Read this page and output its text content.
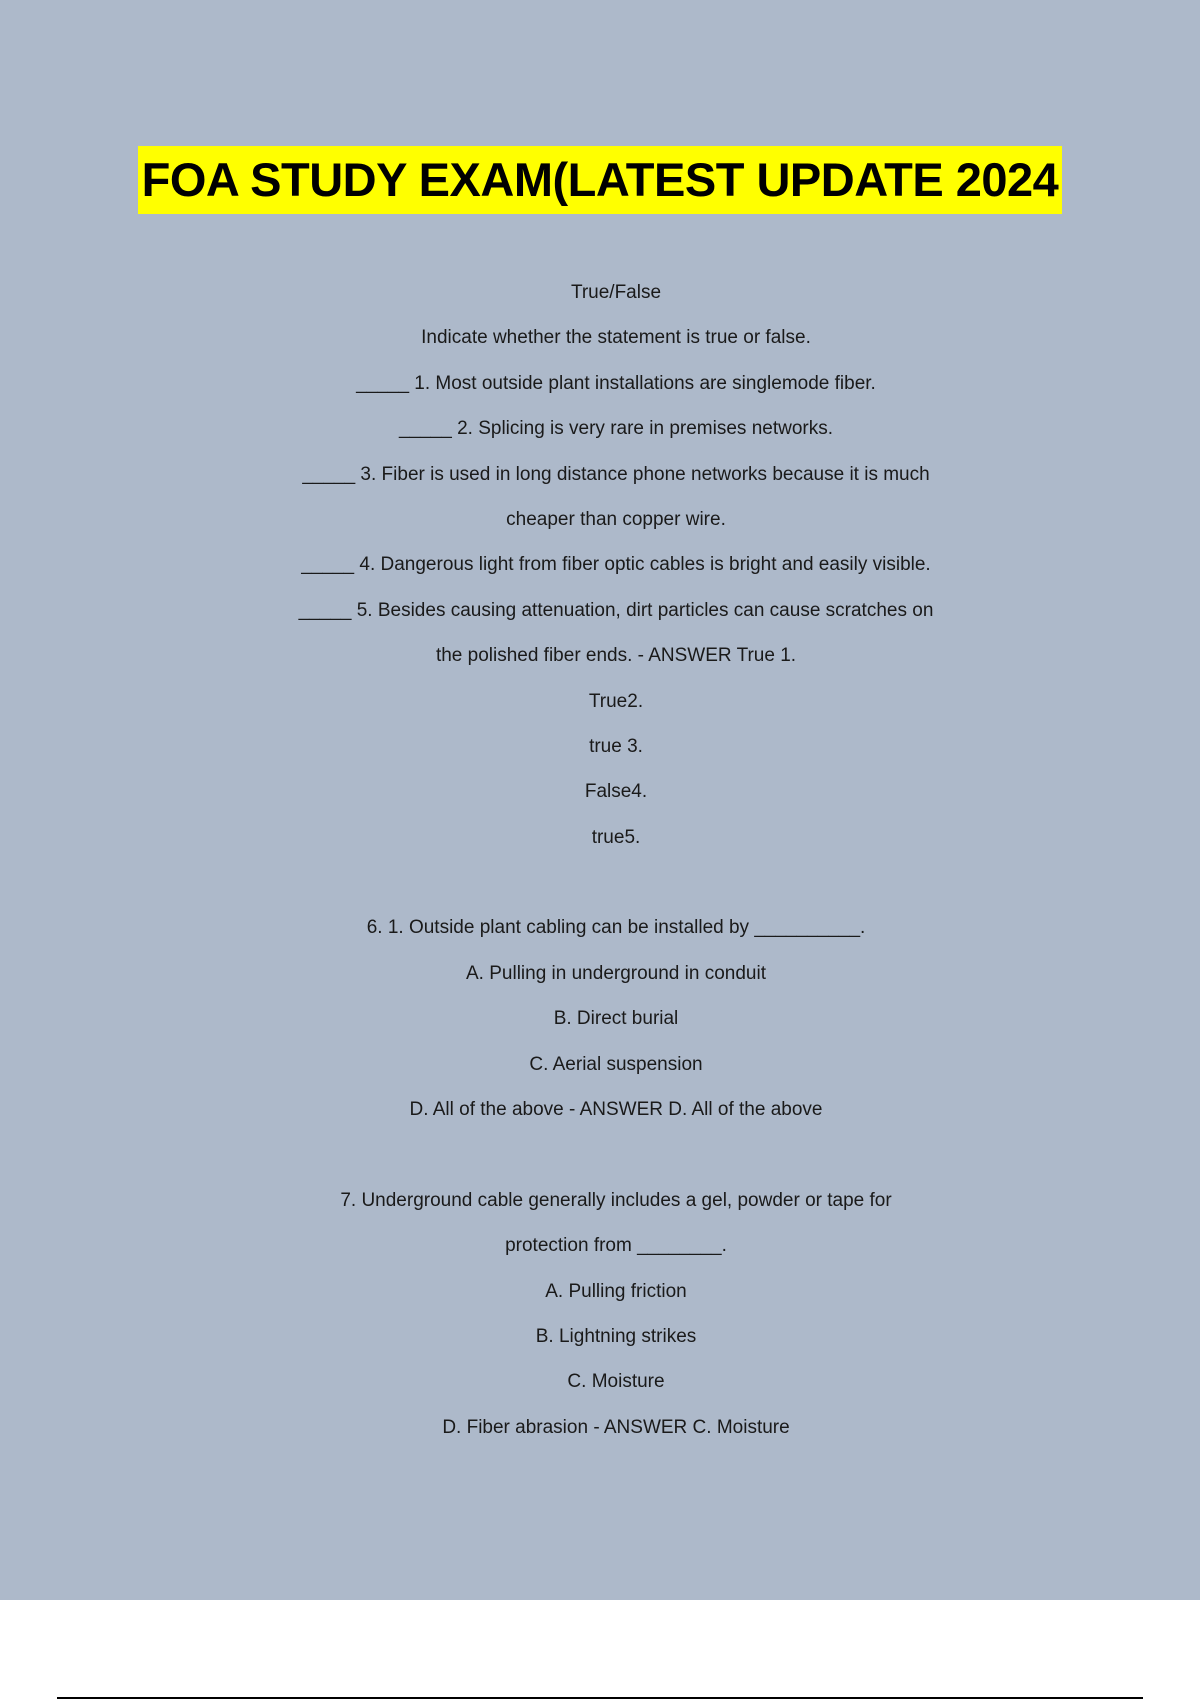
FOA STUDY EXAM(LATEST UPDATE 2024
True/False
Indicate whether the statement is true or false.
_____ 1. Most outside plant installations are singlemode fiber.
_____ 2. Splicing is very rare in premises networks.
_____ 3. Fiber is used in long distance phone networks because it is much
cheaper than copper wire.
_____ 4. Dangerous light from fiber optic cables is bright and easily visible.
_____ 5. Besides causing attenuation, dirt particles can cause scratches on
the polished fiber ends. - ANSWER True 1.
True2.
true 3.
False4.
true5.
6. 1. Outside plant cabling can be installed by __________.
A. Pulling in underground in conduit
B. Direct burial
C. Aerial suspension
D. All of the above - ANSWER D. All of the above
7. Underground cable generally includes a gel, powder or tape for
protection from ________.
A. Pulling friction
B. Lightning strikes
C. Moisture
D. Fiber abrasion - ANSWER C. Moisture
